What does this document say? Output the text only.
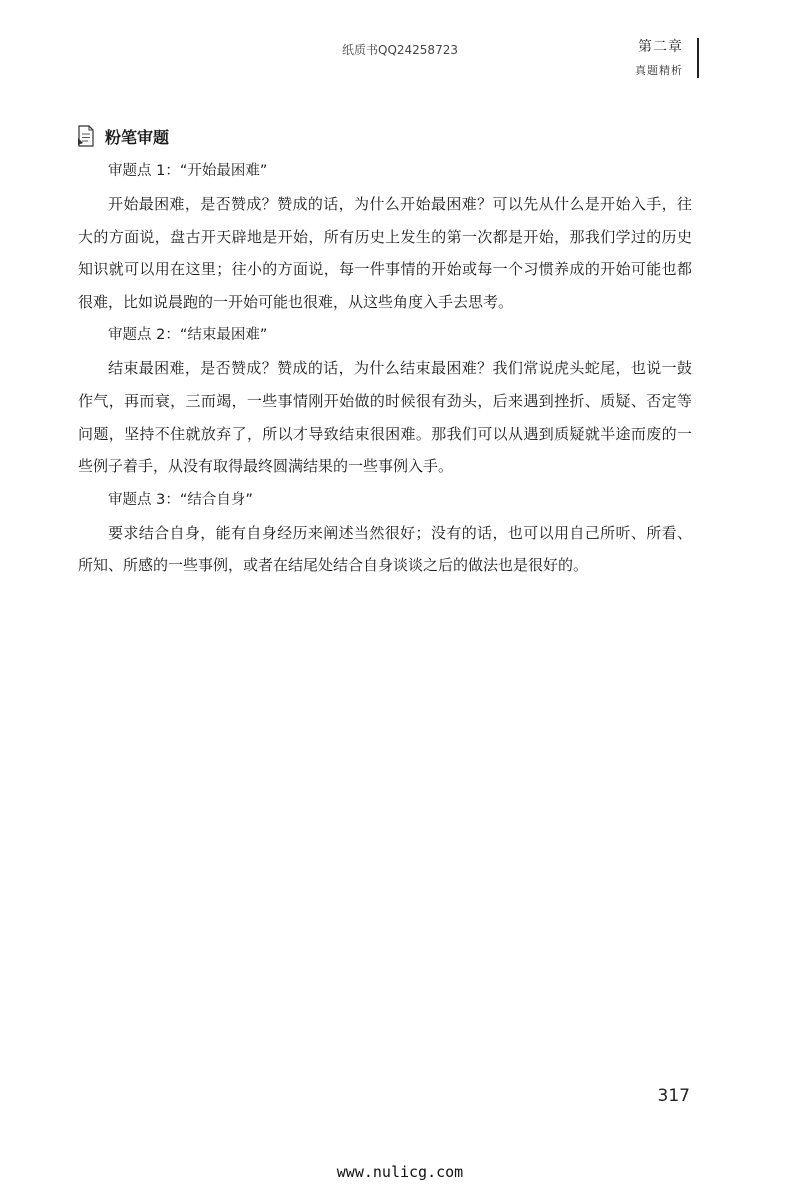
纸质书QQ24258723	第二章
真题精析
粉笔审题
审题点 1：“开始最困难”

开始最困难，是否赞成？赞成的话，为什么开始最困难？可以先从什么是开始入手，往大的方面说，盘古开天辟地是开始，所有历史上发生的第一次都是开始，那我们学过的历史知识就可以用在这里；往小的方面说，每一件事情的开始或每一个习惯养成的开始可能也都很难，比如说晨跑的一开始可能也很难，从这些角度入手去思考。

审题点 2：“结束最困难”

结束最困难，是否赞成？赞成的话，为什么结束最困难？我们常说虎头蛇尾，也说一鼓作气，再而衰，三而竭，一些事情刚开始做的时候很有劲头，后来遇到挫折、质疑、否定等问题，坚持不住就放弃了，所以才导致结束很困难。那我们可以从遇到质疑就半途而废的一些例子着手，从没有取得最终圆满结果的一些事例入手。

审题点 3：“结合自身”

要求结合自身，能有自身经历来阐述当然很好；没有的话，也可以用自己所听、所看、所知、所感的一些事例，或者在结尾处结合自身谈谈之后的做法也是很好的。

317
www.nulicg.com
